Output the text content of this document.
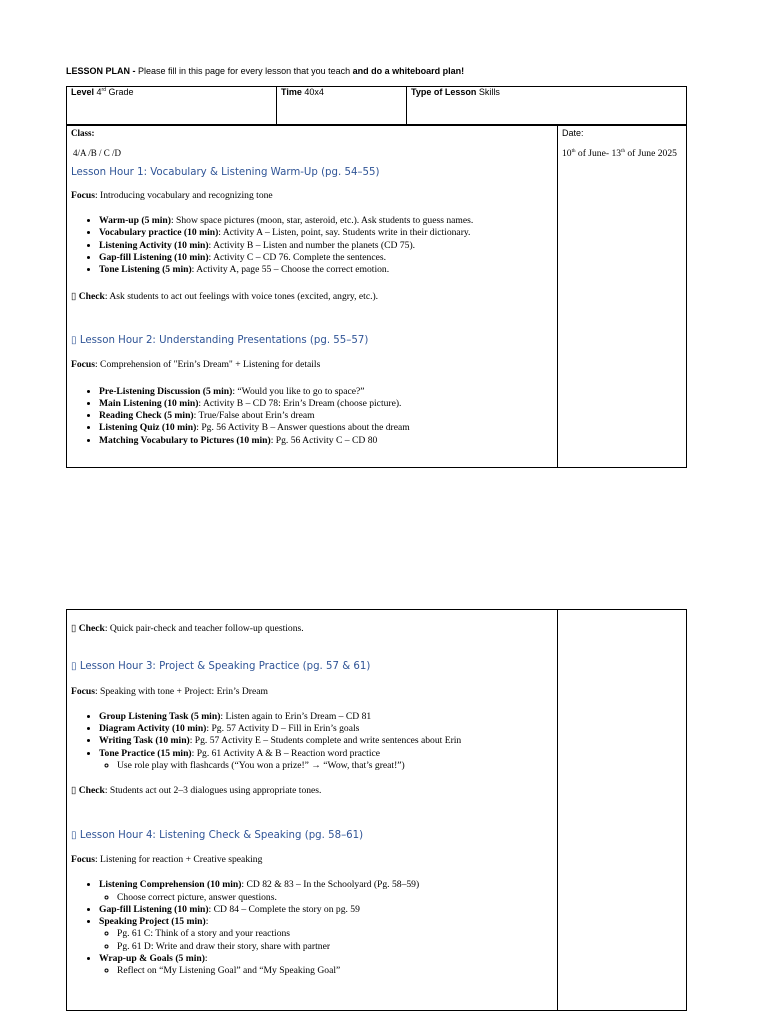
LESSON PLAN - Please fill in this page for every lesson that you teach and do a whiteboard plan!
Level 4rd Grade	Time 40x4	Type of Lesson Skills
Class:
4/A /B / C /D
Lesson Hour 1: Vocabulary & Listening Warm-Up (pg. 54–55)

Focus: Introducing vocabulary and recognizing tone

• Warm-up (5 min): Show space pictures (moon, star, asteroid, etc.). Ask students to guess names.
• Vocabulary practice (10 min): Activity A – Listen, point, say. Students write in their dictionary.
• Listening Activity (10 min): Activity B – Listen and number the planets (CD 75).
• Gap-fill Listening (10 min): Activity C – CD 76. Complete the sentences.
• Tone Listening (5 min): Activity A, page 55 – Choose the correct emotion.

▯ Check: Ask students to act out feelings with voice tones (excited, angry, etc.).

▯ Lesson Hour 2: Understanding Presentations (pg. 55–57)

Focus: Comprehension of "Erin’s Dream" + Listening for details

• Pre-Listening Discussion (5 min): “Would you like to go to space?”
• Main Listening (10 min): Activity B – CD 78: Erin’s Dream (choose picture).
• Reading Check (5 min): True/False about Erin’s dream
• Listening Quiz (10 min): Pg. 56 Activity B – Answer questions about the dream
• Matching Vocabulary to Pictures (10 min): Pg. 56 Activity C – CD 80
Date:
10th of June- 13th of June 2025

▯ Check: Quick pair-check and teacher follow-up questions.

▯ Lesson Hour 3: Project & Speaking Practice (pg. 57 & 61)

Focus: Speaking with tone + Project: Erin’s Dream

• Group Listening Task (5 min): Listen again to Erin’s Dream – CD 81
• Diagram Activity (10 min): Pg. 57 Activity D – Fill in Erin’s goals
• Writing Task (10 min): Pg. 57 Activity E – Students complete and write sentences about Erin
• Tone Practice (15 min): Pg. 61 Activity A & B – Reaction word practice
◦ Use role play with flashcards (“You won a prize!” → “Wow, that’s great!”)

▯ Check: Students act out 2–3 dialogues using appropriate tones.

▯ Lesson Hour 4: Listening Check & Speaking (pg. 58–61)

Focus: Listening for reaction + Creative speaking

• Listening Comprehension (10 min): CD 82 & 83 – In the Schoolyard (Pg. 58–59)
◦ Choose correct picture, answer questions.
• Gap-fill Listening (10 min): CD 84 – Complete the story on pg. 59
• Speaking Project (15 min):
◦ Pg. 61 C: Think of a story and your reactions
◦ Pg. 61 D: Write and draw their story, share with partner
• Wrap-up & Goals (5 min):
◦ Reflect on “My Listening Goal” and “My Speaking Goal”
